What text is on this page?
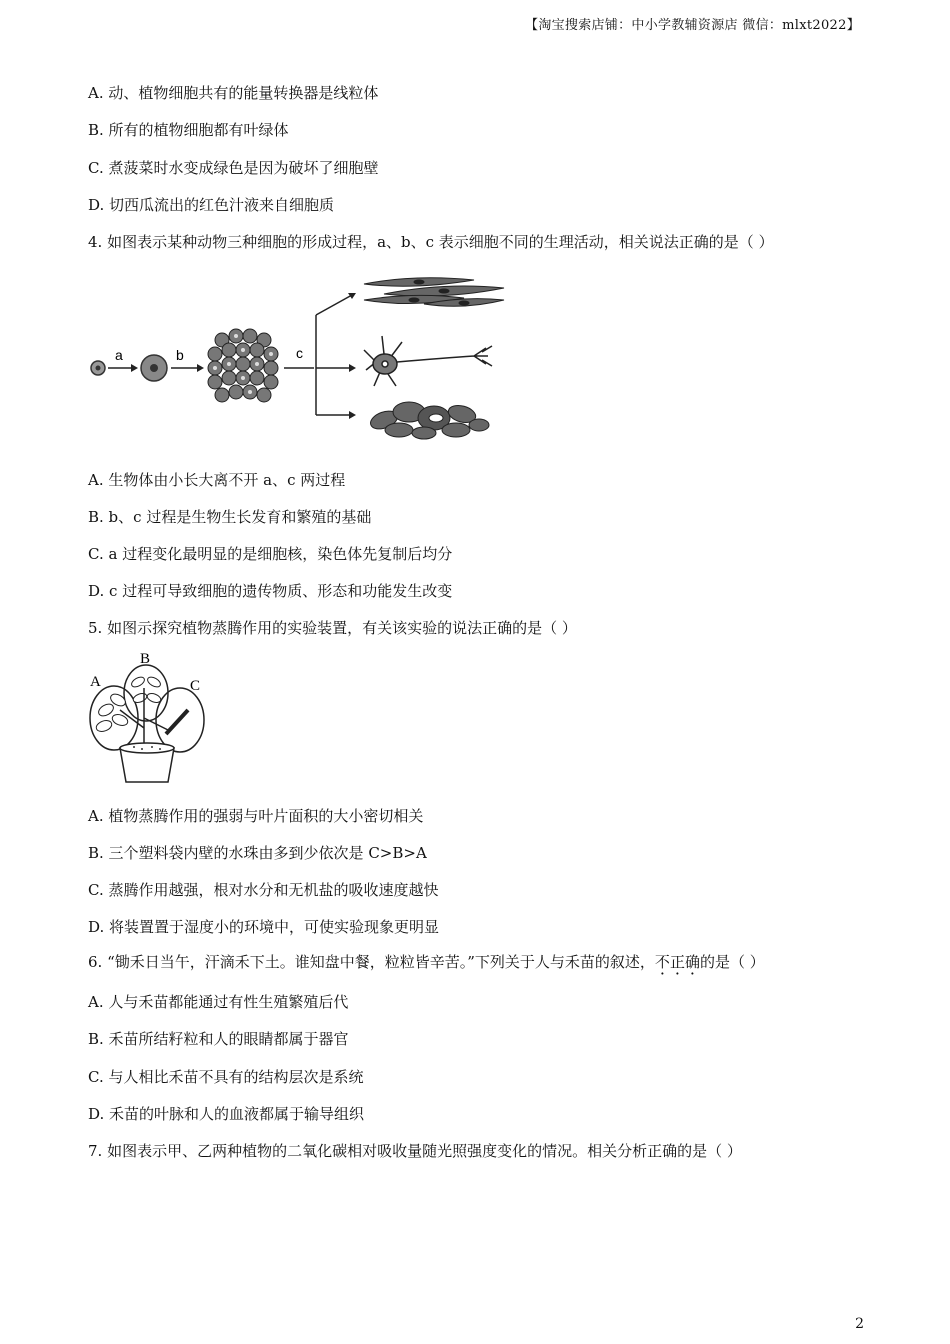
【淘宝搜索店铺：中小学教辅资源店 微信：mlxt2022】
A. 动、植物细胞共有的能量转换器是线粒体
B. 所有的植物细胞都有叶绿体
C. 煮菠菜时水变成绿色是因为破坏了细胞壁
D. 切西瓜流出的红色汁液来自细胞质
4. 如图表示某种动物三种细胞的形成过程，a、b、c 表示细胞不同的生理活动，相关说法正确的是（ ）
a	b	c
A. 生物体由小长大离不开 a、c 两过程
B. b、c 过程是生物生长发育和繁殖的基础
C. a 过程变化最明显的是细胞核，染色体先复制后均分
D. c 过程可导致细胞的遗传物质、形态和功能发生改变
5. 如图示探究植物蒸腾作用的实验装置，有关该实验的说法正确的是（ ）
A
B
C
A. 植物蒸腾作用的强弱与叶片面积的大小密切相关
B. 三个塑料袋内壁的水珠由多到少依次是 C>B>A
C. 蒸腾作用越强，根对水分和无机盐的吸收速度越快
D. 将装置置于湿度小的环境中，可使实验现象更明显
6. “锄禾日当午，汗滴禾下土。谁知盘中餐，粒粒皆辛苦。”下列关于人与禾苗的叙述，不正确的是（ ）
A. 人与禾苗都能通过有性生殖繁殖后代
B. 禾苗所结籽粒和人的眼睛都属于器官
C. 与人相比禾苗不具有的结构层次是系统
D. 禾苗的叶脉和人的血液都属于输导组织
7. 如图表示甲、乙两种植物的二氧化碳相对吸收量随光照强度变化的情况。相关分析正确的是（ ）
2
